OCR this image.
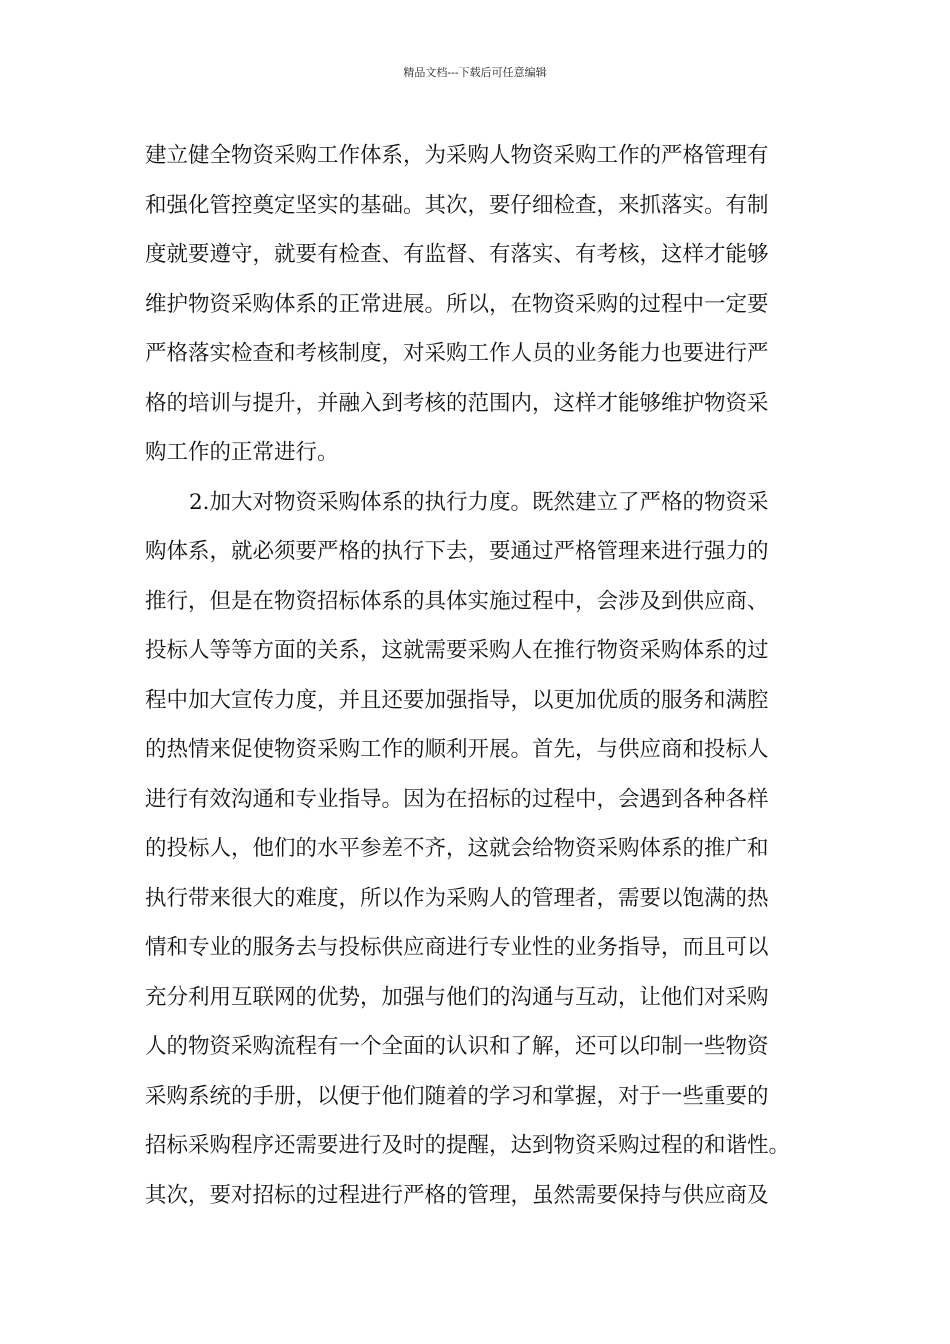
精品文档---下载后可任意编辑
建立健全物资采购工作体系，为采购人物资采购工作的严格管理有
和强化管控奠定坚实的基础。其次，要仔细检查，来抓落实。有制
度就要遵守，就要有检查、有监督、有落实、有考核，这样才能够
维护物资采购体系的正常进展。所以，在物资采购的过程中一定要
严格落实检查和考核制度，对采购工作人员的业务能力也要进行严
格的培训与提升，并融入到考核的范围内，这样才能够维护物资采
购工作的正常进行。
2.加大对物资采购体系的执行力度。既然建立了严格的物资采
购体系，就必须要严格的执行下去，要通过严格管理来进行强力的
推行，但是在物资招标体系的具体实施过程中，会涉及到供应商、
投标人等等方面的关系，这就需要采购人在推行物资采购体系的过
程中加大宣传力度，并且还要加强指导，以更加优质的服务和满腔
的热情来促使物资采购工作的顺利开展。首先，与供应商和投标人
进行有效沟通和专业指导。因为在招标的过程中，会遇到各种各样
的投标人，他们的水平参差不齐，这就会给物资采购体系的推广和
执行带来很大的难度，所以作为采购人的管理者，需要以饱满的热
情和专业的服务去与投标供应商进行专业性的业务指导，而且可以
充分利用互联网的优势，加强与他们的沟通与互动，让他们对采购
人的物资采购流程有一个全面的认识和了解，还可以印制一些物资
采购系统的手册，以便于他们随着的学习和掌握，对于一些重要的
招标采购程序还需要进行及时的提醒，达到物资采购过程的和谐性。
其次，要对招标的过程进行严格的管理，虽然需要保持与供应商及
